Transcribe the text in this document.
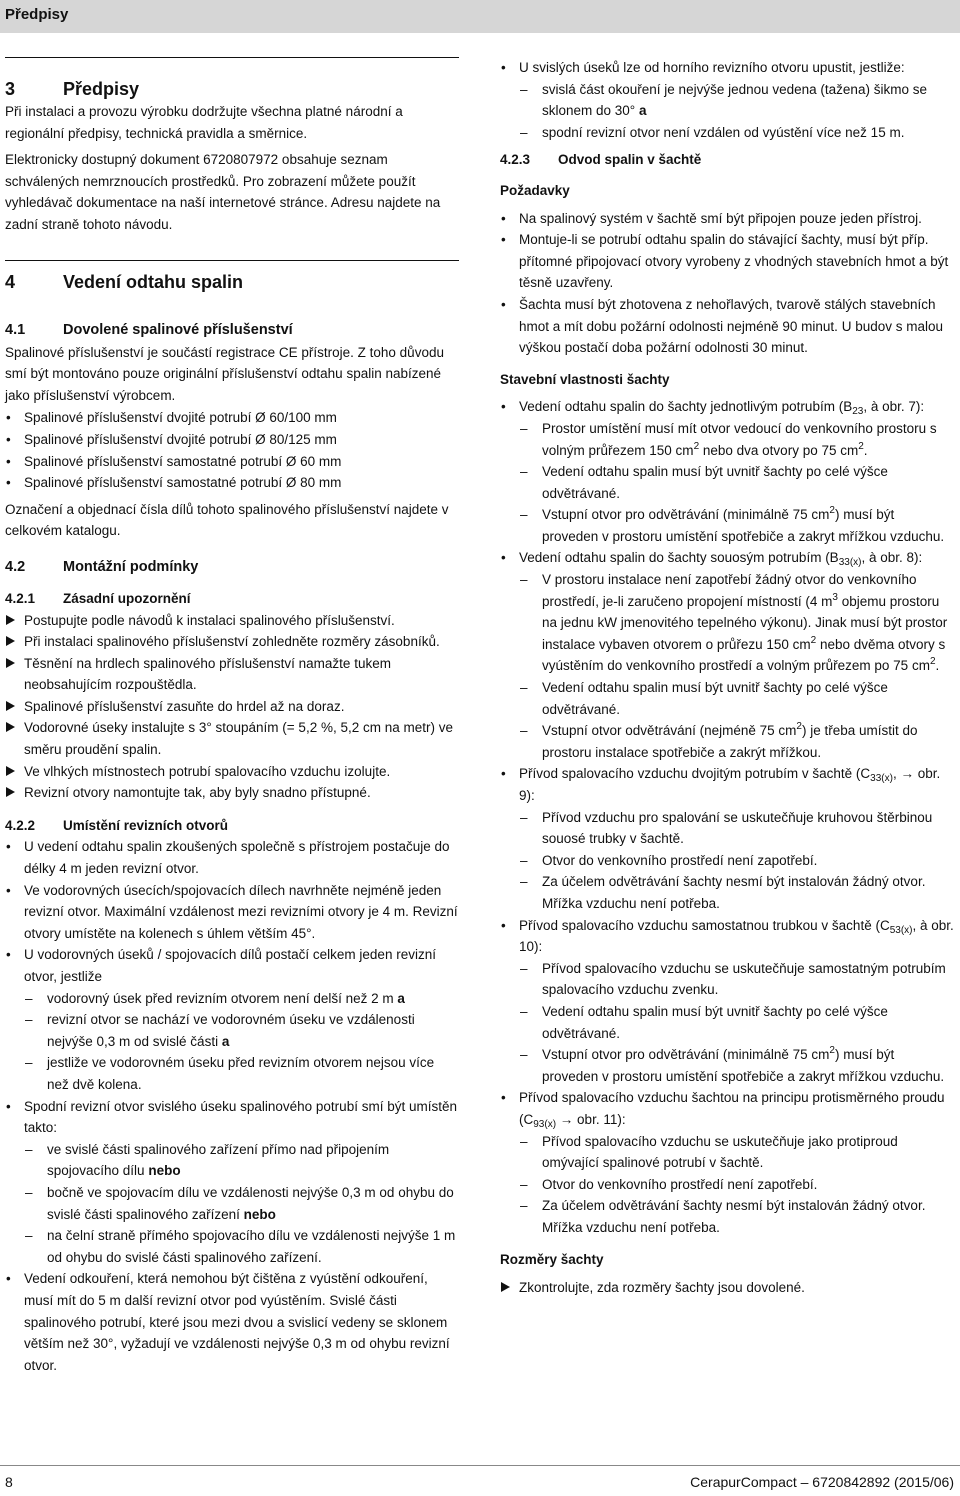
Předpisy
3	Předpisy

Při instalaci a provozu výrobku dodržujte všechna platné národní a regionální předpisy, technická pravidla a směrnice.

Elektronicky dostupný dokument 6720807972 obsahuje seznam schválených nemrznoucích prostředků. Pro zobrazení můžete použít vyhledávač dokumentace na naší internetové stránce. Adresu najdete na zadní straně tohoto návodu.

4	Vedení odtahu spalin
4.1	Dovolené spalinové příslušenství

Spalinové příslušenství je součástí registrace CE přístroje. Z toho důvodu smí být montováno pouze originální příslušenství odtahu spalin nabízené jako příslušenství výrobcem.

• Spalinové příslušenství dvojité potrubí Ø 60/100 mm
• Spalinové příslušenství dvojité potrubí Ø 80/125 mm
• Spalinové příslušenství samostatné potrubí Ø 60 mm
• Spalinové příslušenství samostatné potrubí Ø 80 mm

Označení a objednací čísla dílů tohoto spalinového příslušenství najdete v celkovém katalogu.

4.2	Montážní podmínky
4.2.1 Zásadní upozornění
Postupujte podle návodů k instalaci spalinového příslušenství.
Při instalaci spalinového příslušenství zohledněte rozměry zásobníků.
Těsnění na hrdlech spalinového příslušenství namažte tukem neobsahujícím rozpouštědla.
Spalinové příslušenství zasuňte do hrdel až na doraz.
Vodorovné úseky instalujte s 3° stoupáním (= 5,2 %, 5,2 cm na metr) ve směru proudění spalin.
Ve vlhkých místnostech potrubí spalovacího vzduchu izolujte.
Revizní otvory namontujte tak, aby byly snadno přístupné.
4.2.2 Umístění revizních otvorů
• U vedení odtahu spalin zkoušených společně s přístrojem postačuje do délky 4 m jeden revizní otvor.
• Ve vodorovných úsecích/spojovacích dílech navrhněte nejméně jeden revizní otvor. Maximální vzdálenost mezi revizními otvory je 4 m. Revizní otvory umístěte na kolenech s úhlem větším 45°.
• U vodorovných úseků / spojovacích dílů postačí celkem jeden revizní otvor, jestliže
– vodorovný úsek před revizním otvorem není delší než 2 m a
– revizní otvor se nachází ve vodorovném úseku ve vzdálenosti nejvýše 0,3 m od svislé části a
– jestliže ve vodorovném úseku před revizním otvorem nejsou více než dvě kolena.
• Spodní revizní otvor svislého úseku spalinového potrubí smí být umístěn takto:
– ve svislé části spalinového zařízení přímo nad připojením spojovacího dílu nebo
– bočně ve spojovacím dílu ve vzdálenosti nejvýše 0,3 m od ohybu do svislé části spalinového zařízení nebo
– na čelní straně přímého spojovacího dílu ve vzdálenosti nejvýše 1 m od ohybu do svislé části spalinového zařízení.
• Vedení odkouření, která nemohou být čištěna z vyústění odkouření, musí mít do 5 m další revizní otvor pod vyústěním. Svislé části spalinového potrubí, které jsou mezi dvou a svislicí vedeny se sklonem větším než 30°, vyžadují ve vzdálenosti nejvýše 0,3 m od ohybu revizní otvor.
• U svislých úseků lze od horního revizního otvoru upustit, jestliže:
– svislá část okouření je nejvýše jednou vedena (tažena) šikmo se sklonem do 30° a
– spodní revizní otvor není vzdálen od vyústění více než 15 m.
4.2.3 Odvod spalin v šachtě
Požadavky
• Na spalinový systém v šachtě smí být připojen pouze jeden přístroj.
• Montuje-li se potrubí odtahu spalin do stávající šachty, musí být příp. přítomné připojovací otvory vyrobeny z vhodných stavebních hmot a být těsně uzavřeny.
• Šachta musí být zhotovena z nehořlavých, tvarově stálých stavebních hmot a mít dobu požární odolnosti nejméně 90 minut. U budov s malou výškou postačí doba požární odolnosti 30 minut.
Stavební vlastnosti šachty
• Vedení odtahu spalin do šachty jednotlivým potrubím ($B_{23}$, à obr. 7):
– Prostor umístění musí mít otvor vedoucí do venkovního prostoru s volným průřezem 150 $cm^2$ nebo dva otvory po 75 $cm^2$.
– Vedení odtahu spalin musí být uvnitř šachty po celé výšce odvětrávané.
– Vstupní otvor pro odvětrávání (minimálně 75 $cm^2$) musí být proveden v prostoru umístění spotřebiče a zakryt mřížkou vzduchu.
• Vedení odtahu spalin do šachty souosým potrubím ($B_{33(x)}$, à obr. 8):
– V prostoru instalace není zapotřebí žádný otvor do venkovního prostředí, je-li zaručeno propojení místností (4 $m^3$ objemu prostoru na jednu kW jmenovitého tepelného výkonu). Jinak musí být prostor instalace vybaven otvorem o průřezu 150 $cm^2$ nebo dvěma otvory s vyústěním do venkovního prostředí a volným průřezem po 75 $cm^2$.
– Vedení odtahu spalin musí být uvnitř šachty po celé výšce odvětrávané.
– Vstupní otvor odvětrávání (nejméně 75 $cm^2$) je třeba umístit do prostoru instalace spotřebiče a zakrýt mřížkou.
• Přívod spalovacího vzduchu dvojitým potrubím v šachtě ($C_{33(x)}$, → obr. 9):
– Přívod vzduchu pro spalování se uskutečňuje kruhovou štěrbinou souosé trubky v šachtě.
– Otvor do venkovního prostředí není zapotřebí.
– Za účelem odvětrávání šachty nesmí být instalován žádný otvor. Mřížka vzduchu není potřeba.
• Přívod spalovacího vzduchu samostatnou trubkou v šachtě ($C_{53(x)}$, à obr. 10):
– Přívod spalovacího vzduchu se uskutečňuje samostatným potrubím spalovacího vzduchu zvenku.
– Vedení odtahu spalin musí být uvnitř šachty po celé výšce odvětrávané.
– Vstupní otvor pro odvětrávání (minimálně 75 $cm^2$) musí být proveden v prostoru umístění spotřebiče a zakryt mřížkou vzduchu.
• Přívod spalovacího vzduchu šachtou na principu protisměrného proudu ($C_{93(x)}$ → obr. 11):
– Přívod spalovacího vzduchu se uskutečňuje jako protiproud omývající spalinové potrubí v šachtě.
– Otvor do venkovního prostředí není zapotřebí.
– Za účelem odvětrávání šachty nesmí být instalován žádný otvor. Mřížka vzduchu není potřeba.
Rozměry šachty
Zkontrolujte, zda rozměry šachty jsou dovolené.
8	CerapurCompact – 6720842892 (2015/06)
